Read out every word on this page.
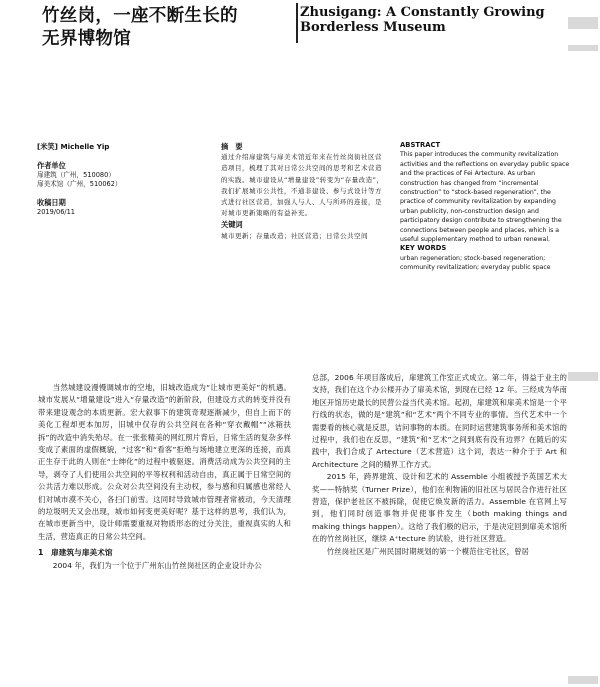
竹丝岗，一座不断生长的
无界博物馆
Zhusigang: A Constantly Growing Borderless Museum
[米笑] Michelle Yip
作者单位
扉建筑（广州，510080）
扉美术馆（广州，510062）
收稿日期
2019/06/11
摘　要
通过介绍扉建筑与扉美术馆近年来在竹丝岗街社区营造项目，梳理了其对日常公共空间的思考和艺术营造的实践。城市建设从“增量建设”转变为“存量改造”，我们扩展城市公共性，不通非建设、参与式设计等方式进行社区营造，加强人与人、人与所环的连接，是对城市更新策略的有益补充。
关键词
城市更新；存量改造；社区营造；日常公共空间
ABSTRACT
This paper introduces the community revitalization activities and the reflections on everyday public space and the practices of Fei Artecture. As urban construction has changed from “incremental construction” to “stock-based regeneration”, the practice of community revitalization by expanding urban publicity, non-construction design and participatory design contribute to strengthening the connections between people and places, which is a useful supplementary method to urban renewal.
KEY WORDS
urban regeneration; stock-based regeneration; community revitalization; everyday public space

当然城建设漫慢调城市的空地，旧城改造成为“让城市更美好”的机遇。城市发展从“增量建设”进入“存量改造”的新阶段，但建设方式的转变并没有带来建设观念的本质更新。宏大叙事下的建筑奇观逐渐减少，但自上而下的美化工程却更本加厉，旧城中仅存的公共空间在各种“穿衣戴帽”“冰箱扶拆”的改造中消失殆尽。在一张张精美的网红照片背后，日常生活的复杂多样变成了素面的虚假概貌，“过客”和“看客”拒绝与场地建立更深的连接，而真正生存于此的人则在“士绅化”的过程中被驱逐。消费活动成为公共空间的主导，剥夺了人们使用公共空间的平等权利和活动自由，真正属于日常空间的公共活力难以形成。公众对公共空间没有主动权，参与感和归属感也常经人们对城市漠不关心，各扫门前雪。这同时导致城市管理者常被动，今天清理的垃圾明天又会出现，城市如何变更美好呢？基于这样的思考，我们认为，在城市更新当中，设计师需要重视对物质形态的过分关注，重视真实的人和生活，营造真正的日常公共空间。

1　扉建筑与扉美术馆

2004 年，我们为一个位于广州东山竹丝岗社区的企业设计办公

总部，2006 年项目落成后，扉建筑工作室正式成立。第二年，得益于业主的支持，我们在这个办公楼开办了扉美术馆，到现在已经 12 年。三经成为华南地区开馆历史最长的民营公益当代美术馆。起初，扉建筑和扉美术馆是一个平行线的状态，做的是“建筑”和“艺术”两个不同专业的事情。当代艺术中一个需要看的核心就是反思，诘问事物的本质。在同时运营建筑事务所和美术馆的过程中，我们也在反思，“建筑”和“艺术”之间到底有没有边界？在随后的实践中，我们合成了 Artecture（艺术营造）这个词，表达一种介于于 Art 和 Architecture 之间的精界工作方式。

2015 年，跨界建筑、设计和艺术的 Assemble 小组被授予英国艺术大奖——特纳奖（Turner Prize），他们在利物浦的旧社区与居民合作进行社区营造，保护老社区不被拆除，促使它焕发新的活力。Assemble 在官网上写到，他们同时创造事物并促使事件发生（both making things and making things happen）。这给了我们极的启示，于是决定回到扉美术馆所在的竹丝岗社区，继续 A⁺tecture 的试验，进行社区营造。

竹丝岗社区是广州民国时期规划的第一个模范住宅社区，曾居
